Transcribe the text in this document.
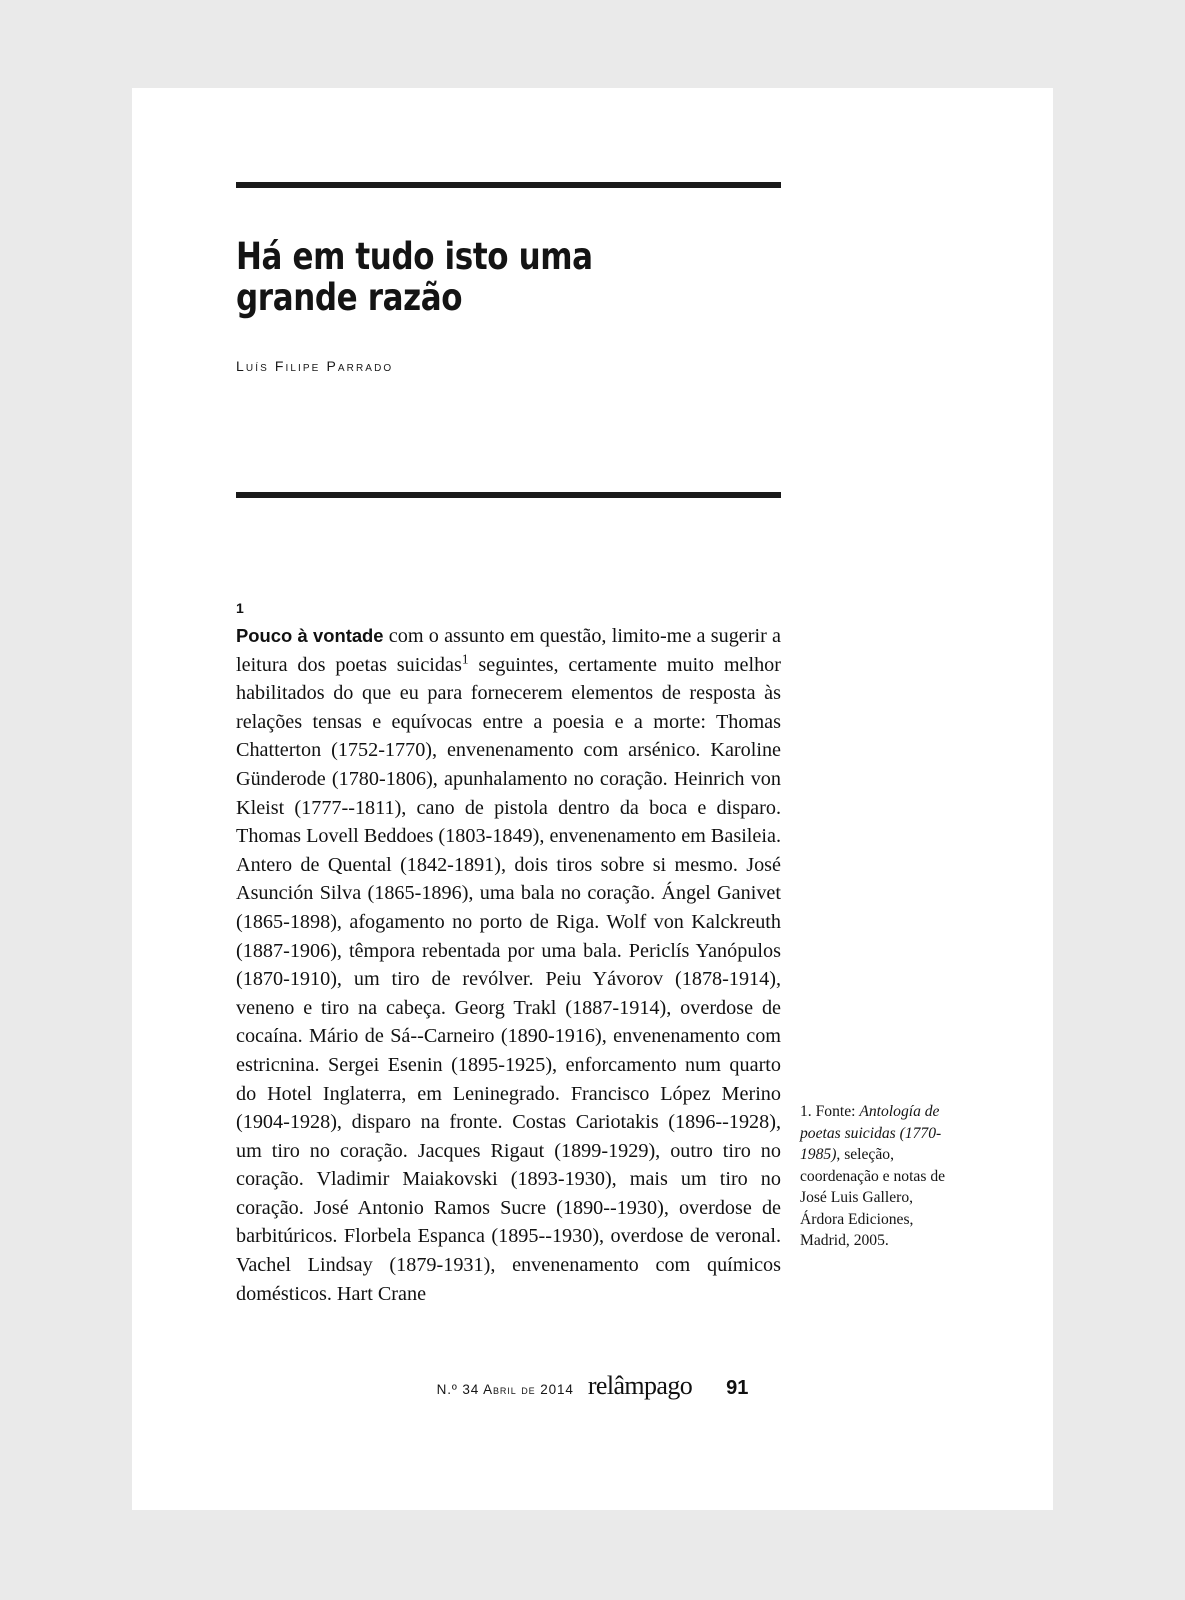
Há em tudo isto uma
grande razão
Luís Filipe Parrado
1

Pouco à vontade com o assunto em questão, limito-me a sugerir a leitura dos poetas suicidas$^1$ seguintes, certamente muito melhor habilitados do que eu para fornecerem elementos de resposta às relações tensas e equívocas entre a poesia e a morte: Thomas Chatterton (1752-1770), envenenamento com arsénico. Karoline Günderode (1780-1806), apunhalamento no coração. Heinrich von Kleist (1777--1811), cano de pistola dentro da boca e disparo. Thomas Lovell Beddoes (1803-1849), envenenamento em Basileia. Antero de Quental (1842-1891), dois tiros sobre si mesmo. José Asunción Silva (1865-1896), uma bala no coração. Ángel Ganivet (1865-1898), afogamento no porto de Riga. Wolf von Kalckreuth (1887-1906), têmpora rebentada por uma bala. Periclís Yanópulos (1870-1910), um tiro de revólver. Peiu Yávorov (1878-1914), veneno e tiro na cabeça. Georg Trakl (1887-1914), overdose de cocaína. Mário de Sá--Carneiro (1890-1916), envenenamento com estricnina. Sergei Esenin (1895-1925), enforcamento num quarto do Hotel Inglaterra, em Leninegrado. Francisco López Merino (1904-1928), disparo na fronte. Costas Cariotakis (1896--1928), um tiro no coração. Jacques Rigaut (1899-1929), outro tiro no coração. Vladimir Maiakovski (1893-1930), mais um tiro no coração. José Antonio Ramos Sucre (1890--1930), overdose de barbitúricos. Florbela Espanca (1895--1930), overdose de veronal. Vachel Lindsay (1879-1931), envenenamento com químicos domésticos. Hart Crane

1. Fonte: Antología de poetas suicidas (1770-1985), seleção, coordenação e notas de José Luis Gallero, Árdora Ediciones, Madrid, 2005.
N.º 34 Abril de 2014 relâmpago 91
